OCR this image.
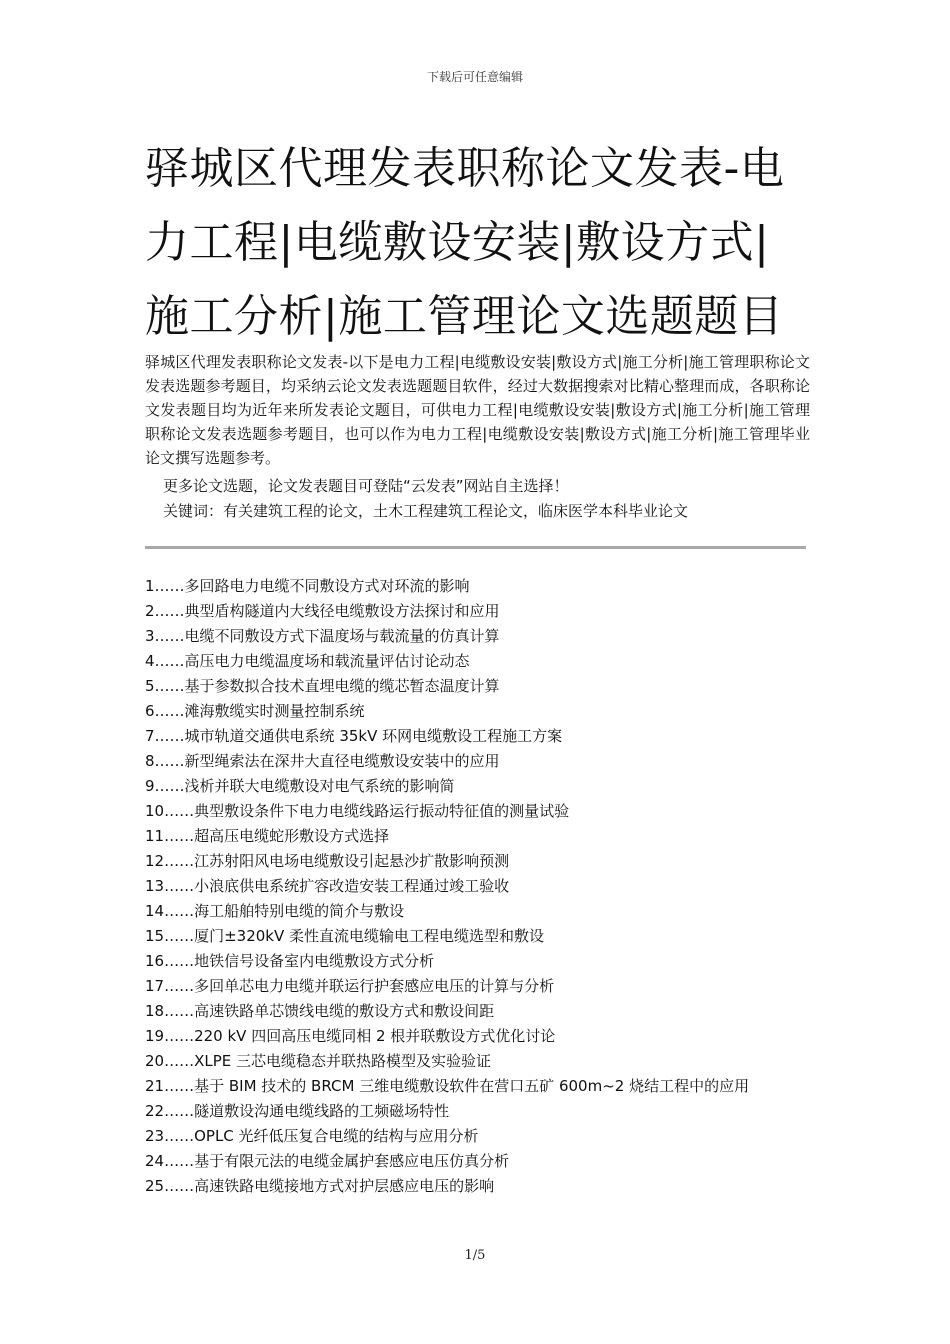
下载后可任意编辑
驿城区代理发表职称论文发表-电力工程|电缆敷设安装|敷设方式|施工分析|施工管理论文选题题目

驿城区代理发表职称论文发表-以下是电力工程|电缆敷设安装|敷设方式|施工分析|施工管理职称论文发表选题参考题目，均采纳云论文发表选题题目软件，经过大数据搜索对比精心整理而成，各职称论文发表题目均为近年来所发表论文题目，可供电力工程|电缆敷设安装|敷设方式|施工分析|施工管理职称论文发表选题参考题目，也可以作为电力工程|电缆敷设安装|敷设方式|施工分析|施工管理毕业论文撰写选题参考。

更多论文选题，论文发表题目可登陆“云发表”网站自主选择！

关键词：有关建筑工程的论文，土木工程建筑工程论文，临床医学本科毕业论文

1……多回路电力电缆不同敷设方式对环流的影响
2……典型盾构隧道内大线径电缆敷设方法探讨和应用
3……电缆不同敷设方式下温度场与载流量的仿真计算
4……高压电力电缆温度场和载流量评估讨论动态
5……基于参数拟合技术直埋电缆的缆芯暂态温度计算
6……滩海敷缆实时测量控制系统
7……城市轨道交通供电系统 35kV 环网电缆敷设工程施工方案
8……新型绳索法在深井大直径电缆敷设安装中的应用
9……浅析并联大电缆敷设对电气系统的影响简
10……典型敷设条件下电力电缆线路运行振动特征值的测量试验
11……超高压电缆蛇形敷设方式选择
12……江苏射阳风电场电缆敷设引起悬沙扩散影响预测
13……小浪底供电系统扩容改造安装工程通过竣工验收
14……海工船舶特别电缆的简介与敷设
15……厦门±320kV 柔性直流电缆输电工程电缆选型和敷设
16……地铁信号设备室内电缆敷设方式分析
17……多回单芯电力电缆并联运行护套感应电压的计算与分析
18……高速铁路单芯馈线电缆的敷设方式和敷设间距
19……220 kV 四回高压电缆同相 2 根并联敷设方式优化讨论
20……XLPE 三芯电缆稳态并联热路模型及实验验证
21……基于 BIM 技术的 BRCM 三维电缆敷设软件在营口五矿 600m~2 烧结工程中的应用
22……隧道敷设沟通电缆线路的工频磁场特性
23……OPLC 光纤低压复合电缆的结构与应用分析
24……基于有限元法的电缆金属护套感应电压仿真分析
25……高速铁路电缆接地方式对护层感应电压的影响
1/5
